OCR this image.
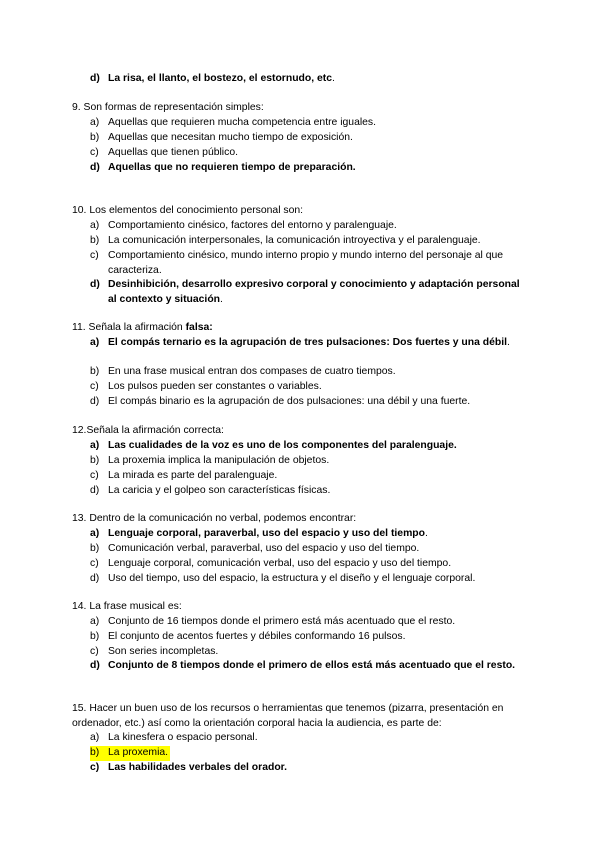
d) La risa, el llanto, el bostezo, el estornudo, etc.
9. Son formas de representación simples:
a) Aquellas que requieren mucha competencia entre iguales.
b) Aquellas que necesitan mucho tiempo de exposición.
c) Aquellas que tienen público.
d) Aquellas que no requieren tiempo de preparación.
10. Los elementos del conocimiento personal son:
a) Comportamiento cinésico, factores del entorno y paralenguaje.
b) La comunicación interpersonales, la comunicación introyectiva y el paralenguaje.
c) Comportamiento cinésico, mundo interno propio y mundo interno del personaje al que caracteriza.
d) Desinhibición, desarrollo expresivo corporal y conocimiento y adaptación personal al contexto y situación.
11. Señala la afirmación falsa:
a) El compás ternario es la agrupación de tres pulsaciones: Dos fuertes y una débil.
b) En una frase musical entran dos compases de cuatro tiempos.
c) Los pulsos pueden ser constantes o variables.
d) El compás binario es la agrupación de dos pulsaciones: una débil y una fuerte.
12.Señala la afirmación correcta:
a) Las cualidades de la voz es uno de los componentes del paralenguaje.
b) La proxemia implica la manipulación de objetos.
c) La mirada es parte del paralenguaje.
d) La caricia y el golpeo son características físicas.
13. Dentro de la comunicación no verbal, podemos encontrar:
a) Lenguaje corporal, paraverbal, uso del espacio y uso del tiempo.
b) Comunicación verbal, paraverbal, uso del espacio y uso del tiempo.
c) Lenguaje corporal, comunicación verbal, uso del espacio y uso del tiempo.
d) Uso del tiempo, uso del espacio, la estructura y el diseño y el lenguaje corporal.
14. La frase musical es:
a) Conjunto de 16 tiempos donde el primero está más acentuado que el resto.
b) El conjunto de acentos fuertes y débiles conformando 16 pulsos.
c) Son series incompletas.
d) Conjunto de 8 tiempos donde el primero de ellos está más acentuado que el resto.
15. Hacer un buen uso de los recursos o herramientas que tenemos (pizarra, presentación en ordenador, etc.) así como la orientación corporal hacia la audiencia, es parte de:
a) La kinesfera o espacio personal.
b) La proxemia.
c) Las habilidades verbales del orador.
